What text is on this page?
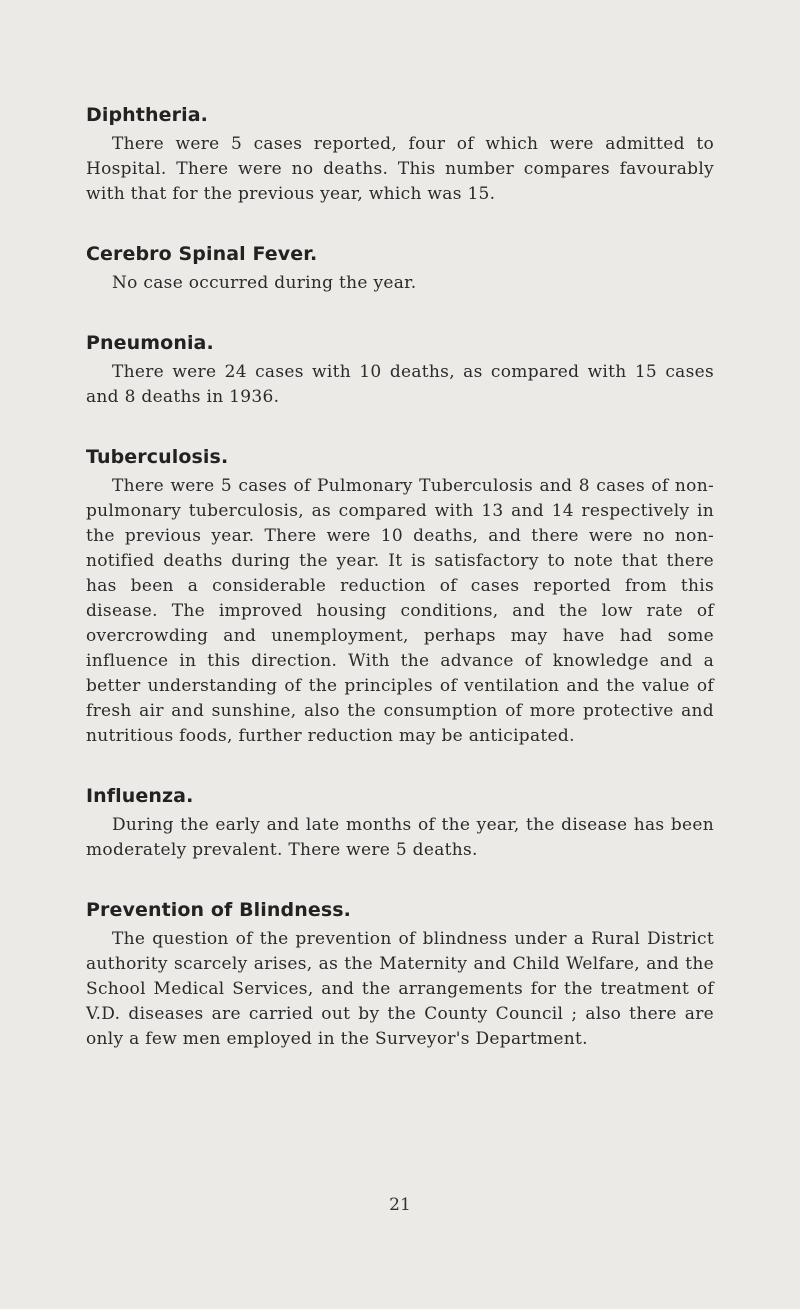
Diphtheria.

There were 5 cases reported, four of which were admitted to Hospital. There were no deaths. This number compares favourably with that for the previous year, which was 15.

Cerebro Spinal Fever.

No case occurred during the year.

Pneumonia.

There were 24 cases with 10 deaths, as compared with 15 cases and 8 deaths in 1936.

Tuberculosis.

There were 5 cases of Pulmonary Tuberculosis and 8 cases of non-pulmonary tuberculosis, as compared with 13 and 14 respectively in the previous year. There were 10 deaths, and there were no non-notified deaths during the year. It is satisfactory to note that there has been a considerable reduction of cases reported from this disease. The improved housing conditions, and the low rate of overcrowding and unemployment, perhaps may have had some influence in this direction. With the advance of knowledge and a better understanding of the principles of ventilation and the value of fresh air and sunshine, also the consumption of more protective and nutritious foods, further reduction may be anticipated.

Influenza.

During the early and late months of the year, the disease has been moderately prevalent. There were 5 deaths.

Prevention of Blindness.

The question of the prevention of blindness under a Rural District authority scarcely arises, as the Maternity and Child Welfare, and the School Medical Services, and the arrangements for the treatment of V.D. diseases are carried out by the County Council ; also there are only a few men employed in the Surveyor's Department.

21
